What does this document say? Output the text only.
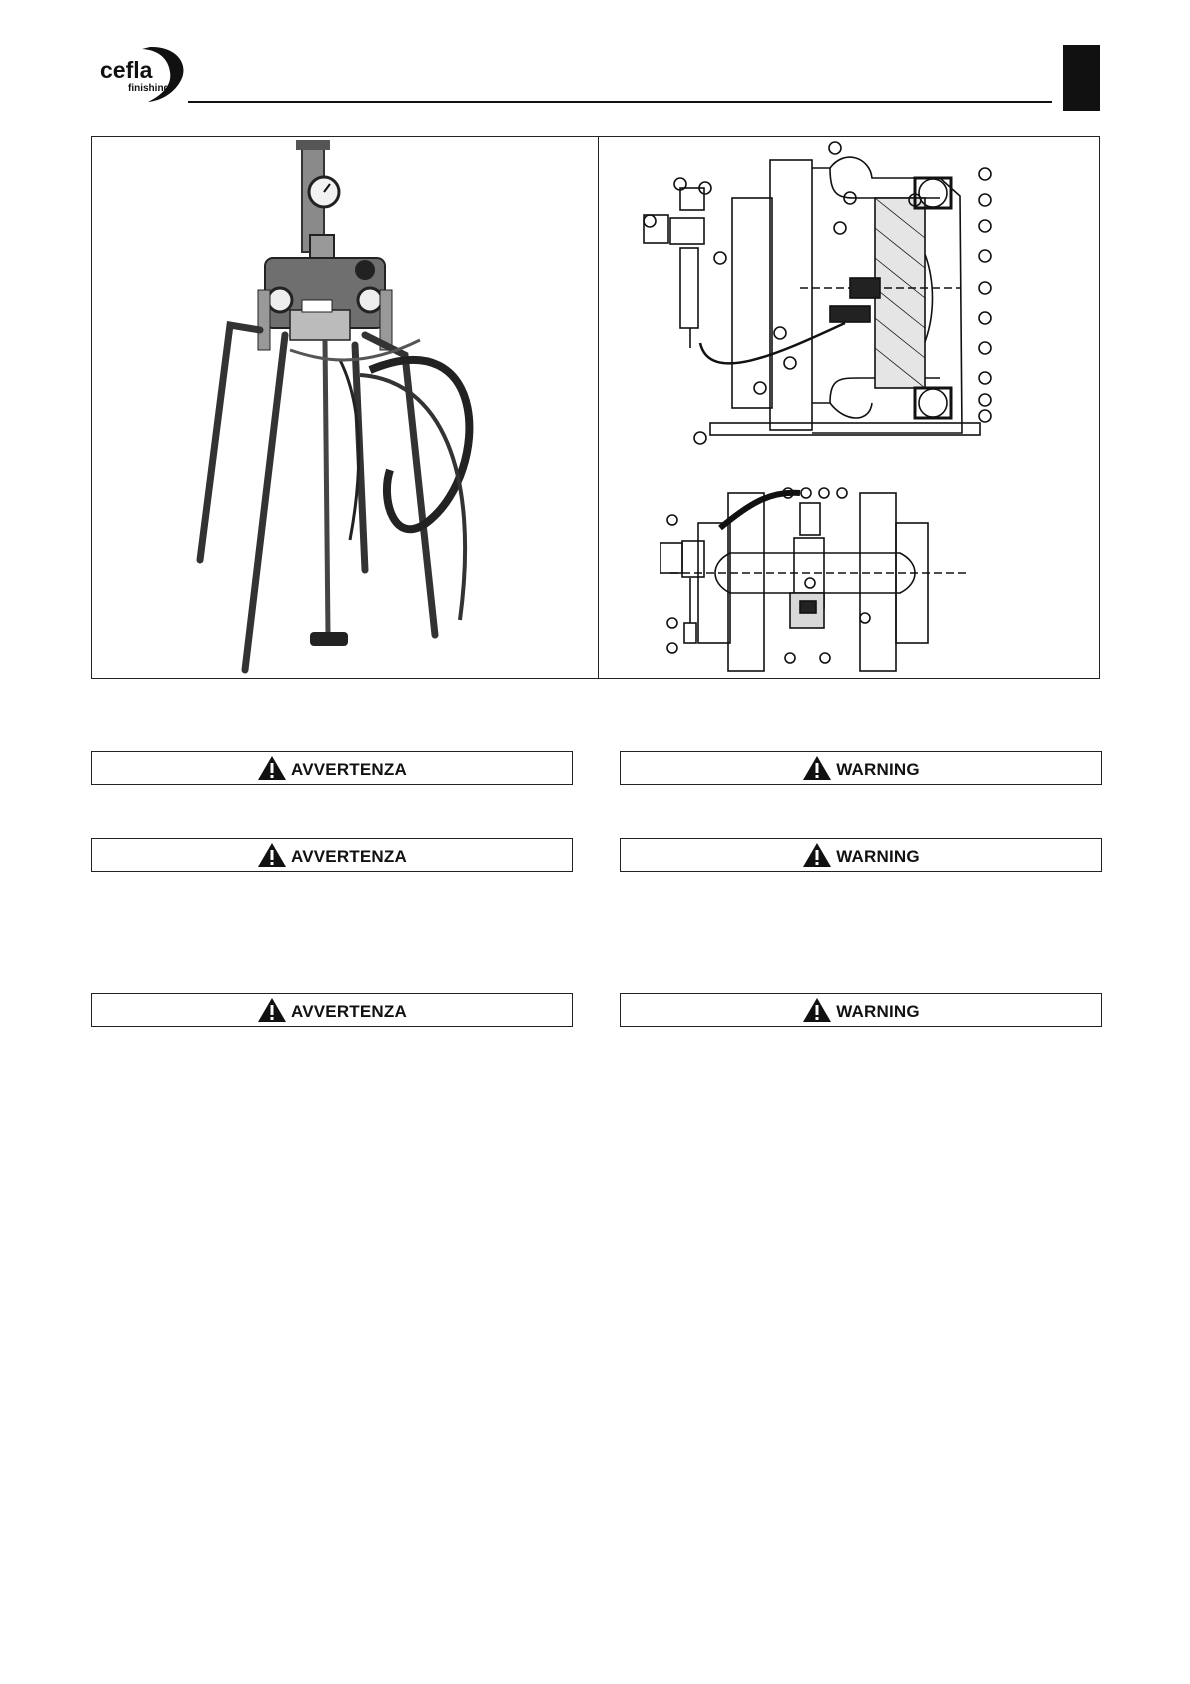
cefla
finishing
AVVERTENZA	WARNING
AVVERTENZA	WARNING
AVVERTENZA	WARNING
